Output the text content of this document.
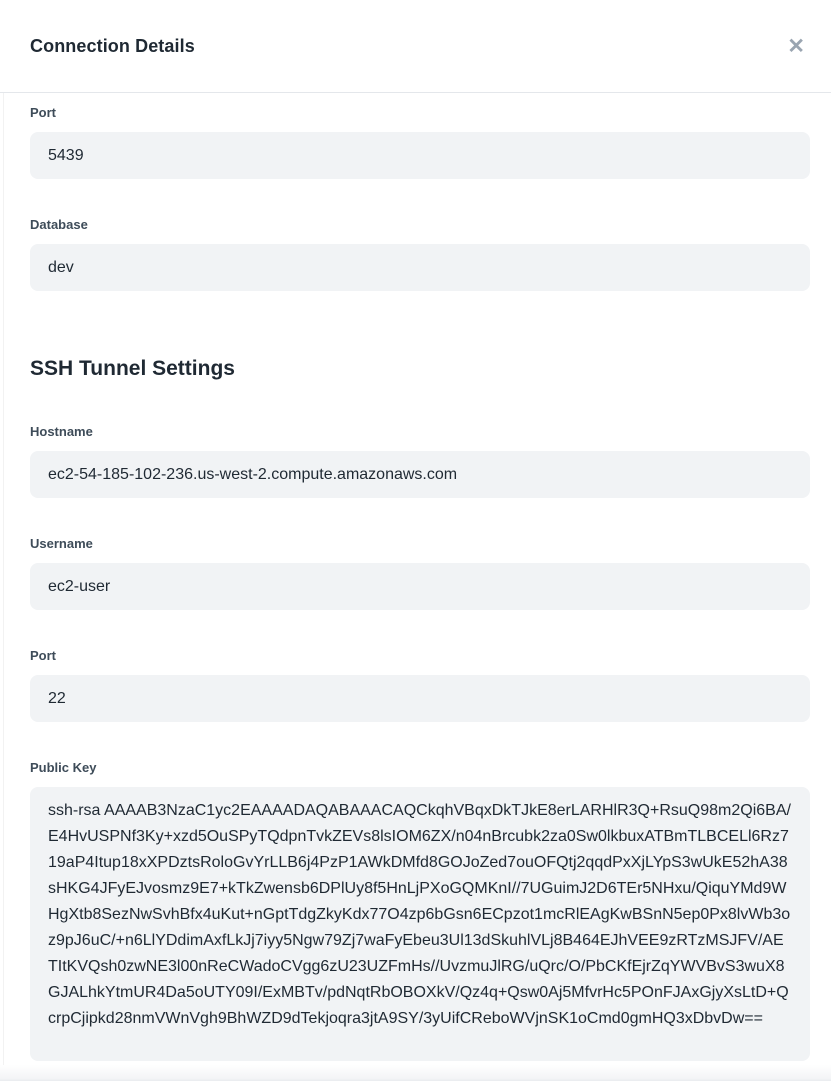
Connection Details	✕
Port
5439
Database
dev
SSH Tunnel Settings
Hostname
ec2-54-185-102-236.us-west-2.compute.amazonaws.com
Username
ec2-user
Port
22
Public Key
ssh-rsa AAAAB3NzaC1yc2EAAAADAQABAAACAQCkqhVBqxDkTJkE8erLARHlR3Q+RsuQ98m2Qi6BA/E4HvUSPNf3Ky+xzd5OuSPyTQdpnTvkZEVs8lsIOM6ZX/n04nBrcubk2za0Sw0lkbuxATBmTLBCELl6Rz719aP4Itup18xXPDztsRoloGvYrLLB6j4PzP1AWkDMfd8GOJoZed7ouOFQtj2qqdPxXjLYpS3wUkE52hA38sHKG4JFyEJvosmz9E7+kTkZwensb6DPlUy8f5HnLjPXoGQMKnI//7UGuimJ2D6TEr5NHxu/QiquYMd9WHgXtb8SezNwSvhBfx4uKut+nGptTdgZkyKdx77O4zp6bGsn6ECpzot1mcRlEAgKwBSnN5ep0Px8lvWb3oz9pJ6uC/+n6LlYDdimAxfLkJj7iyy5Ngw79Zj7waFyEbeu3Ul13dSkuhlVLj8B464EJhVEE9zRTzMSJFV/AETItKVQsh0zwNE3l00nReCWadoCVgg6zU23UZFmHs//UvzmuJlRG/uQrc/O/PbCKfEjrZqYWVBvS3wuX8GJALhkYtmUR4Da5oUTY09I/ExMBTv/pdNqtRbOBOXkV/Qz4q+Qsw0Aj5MfvrHc5POnFJAxGjyXsLtD+QcrpCjipkd28nmVWnVgh9BhWZD9dTekjoqra3jtA9SY/3yUifCReboWVjnSK1oCmd0gmHQ3xDbvDw==
